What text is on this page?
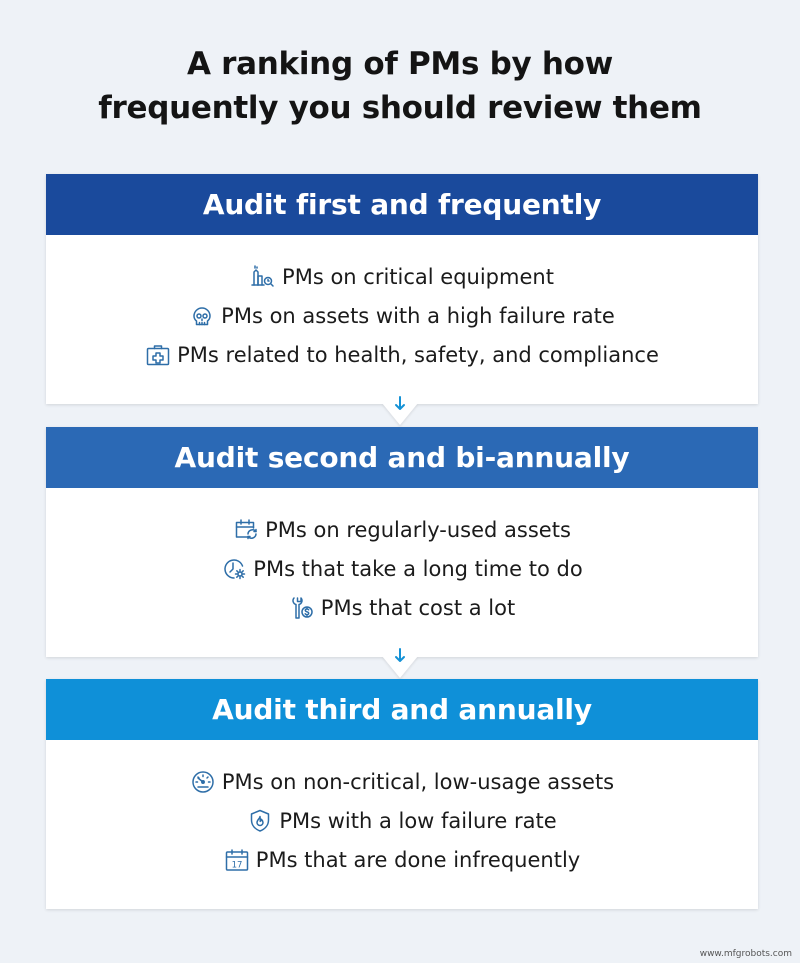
A ranking of PMs by how
frequently you should review them
Audit first and frequently
PMs on critical equipment
PMs on assets with a high failure rate
PMs related to health, safety, and compliance
Audit second and bi-annually
PMs on regularly-used assets
PMs that take a long time to do
PMs that cost a lot
Audit third and annually
PMs on non-critical, low-usage assets
PMs with a low failure rate
17 PMs that are done infrequently
www.mfgrobots.com
